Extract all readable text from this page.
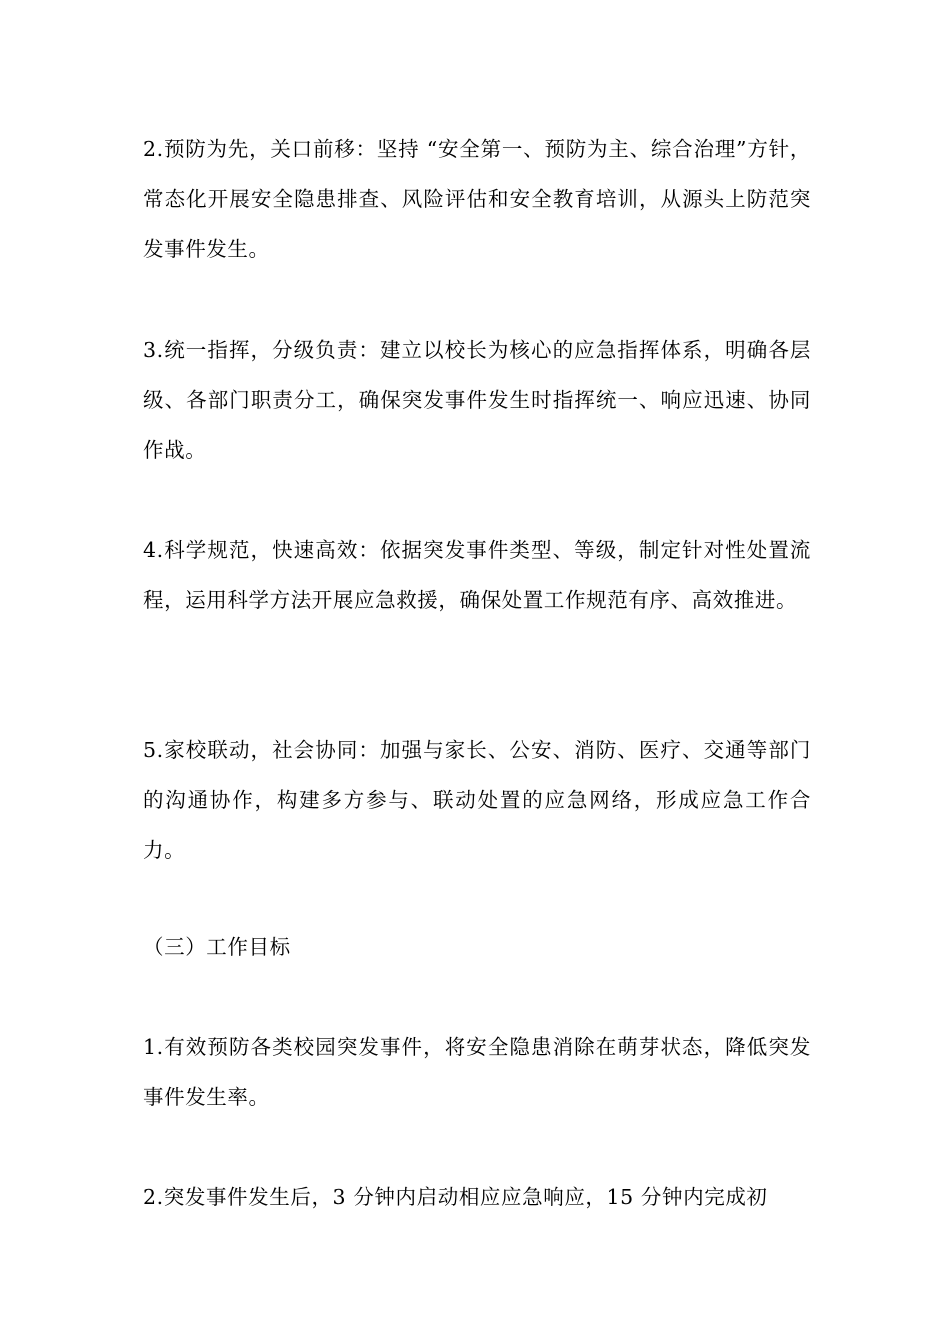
2.预防为先，关口前移：坚持 “安全第一、预防为主、综合治理”方针，常态化开展安全隐患排查、风险评估和安全教育培训，从源头上防范突发事件发生。

3.统一指挥，分级负责：建立以校长为核心的应急指挥体系，明确各层级、各部门职责分工，确保突发事件发生时指挥统一、响应迅速、协同作战。

4.科学规范，快速高效：依据突发事件类型、等级，制定针对性处置流程，运用科学方法开展应急救援，确保处置工作规范有序、高效推进。

5.家校联动，社会协同：加强与家长、公安、消防、医疗、交通等部门的沟通协作，构建多方参与、联动处置的应急网络，形成应急工作合力。

（三）工作目标

1.有效预防各类校园突发事件，将安全隐患消除在萌芽状态，降低突发事件发生率。

2.突发事件发生后，3 分钟内启动相应应急响应，15 分钟内完成初
